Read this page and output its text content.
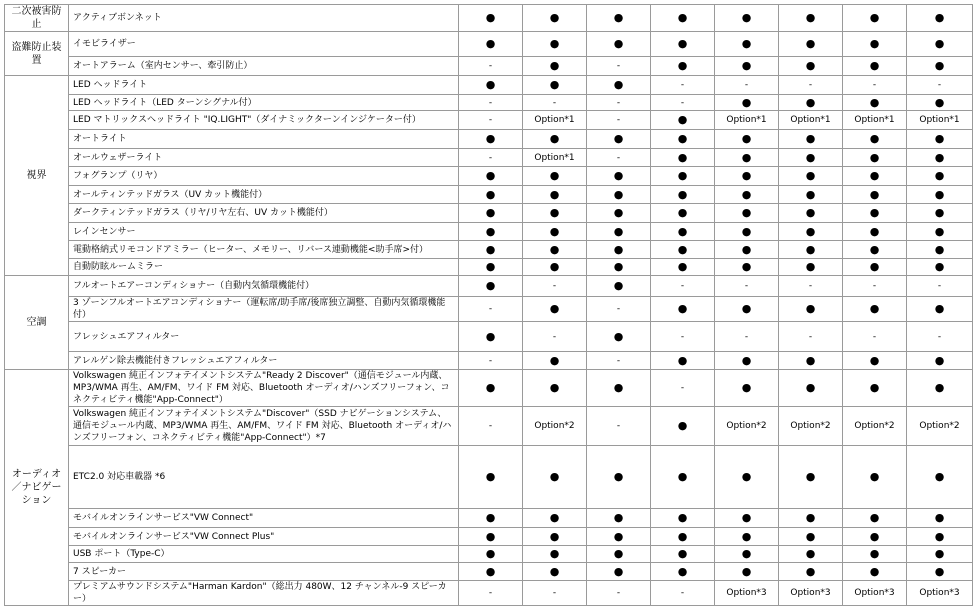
二次被害防止	アクティブボンネット	●	●	●	●	●	●	●	●
盗難防止装置	イモビライザー	●	●	●	●	●	●	●	●
	オートアラーム（室内センサー、牽引防止）	-	●	-	●	●	●	●	●
視界	LED ヘッドライト	●	●	●	-	-	-	-	-
	LED ヘッドライト（LED ターンシグナル付）	-	-	-	-	●	●	●	●
	LED マトリックスヘッドライト "IQ.LIGHT"（ダイナミックターンインジケーター付）	-	Option*1	-	●	Option*1	Option*1	Option*1	Option*1
	オートライト	●	●	●	●	●	●	●	●
	オールウェザーライト	-	Option*1	-	●	●	●	●	●
	フォグランプ（リヤ）	●	●	●	●	●	●	●	●
	オールティンテッドガラス（UV カット機能付）	●	●	●	●	●	●	●	●
	ダークティンテッドガラス（リヤ/リヤ左右、UV カット機能付）	●	●	●	●	●	●	●	●
	レインセンサー	●	●	●	●	●	●	●	●
	電動格納式リモコンドアミラー（ヒーター、メモリー、リバース連動機能<助手席>付）	●	●	●	●	●	●	●	●
	自動防眩ルームミラー	●	●	●	●	●	●	●	●
空調	フルオートエアーコンディショナー（自動内気循環機能付）	●	-	●	-	-	-	-	-
	3 ゾーンフルオートエアコンディショナー（運転席/助手席/後席独立調整、自動内気循環機能付）	-	●	-	●	●	●	●	●
	フレッシュエアフィルター	●	-	●	-	-	-	-	-
	アレルゲン除去機能付きフレッシュエアフィルター	-	●	-	●	●	●	●	●
オーディオ／ナビゲーション	Volkswagen 純正インフォテイメントシステム"Ready 2 Discover"（通信モジュール内蔵、MP3/WMA 再生、AM/FM、ワイド FM 対応、Bluetooth オーディオ/ハンズフリーフォン、コネクティビティ機能"App-Connect"）	●	●	●	-	●	●	●	●
	Volkswagen 純正インフォテイメントシステム"Discover"（SSD ナビゲーションシステム、通信モジュール内蔵、MP3/WMA 再生、AM/FM、ワイド FM 対応、Bluetooth オーディオ/ハンズフリーフォン、コネクティビティ機能"App-Connect"）*7	-	Option*2	-	●	Option*2	Option*2	Option*2	Option*2
	ETC2.0 対応車載器 *6	●	●	●	●	●	●	●	●
	モバイルオンラインサービス"VW Connect"	●	●	●	●	●	●	●	●
	モバイルオンラインサービス"VW Connect Plus"	●	●	●	●	●	●	●	●
	USB ポート（Type-C）	●	●	●	●	●	●	●	●
	7 スピーカー	●	●	●	●	●	●	●	●
	プレミアムサウンドシステム"Harman Kardon"（総出力 480W、12 チャンネル-9 スピーカー）	-	-	-	-	Option*3	Option*3	Option*3	Option*3
